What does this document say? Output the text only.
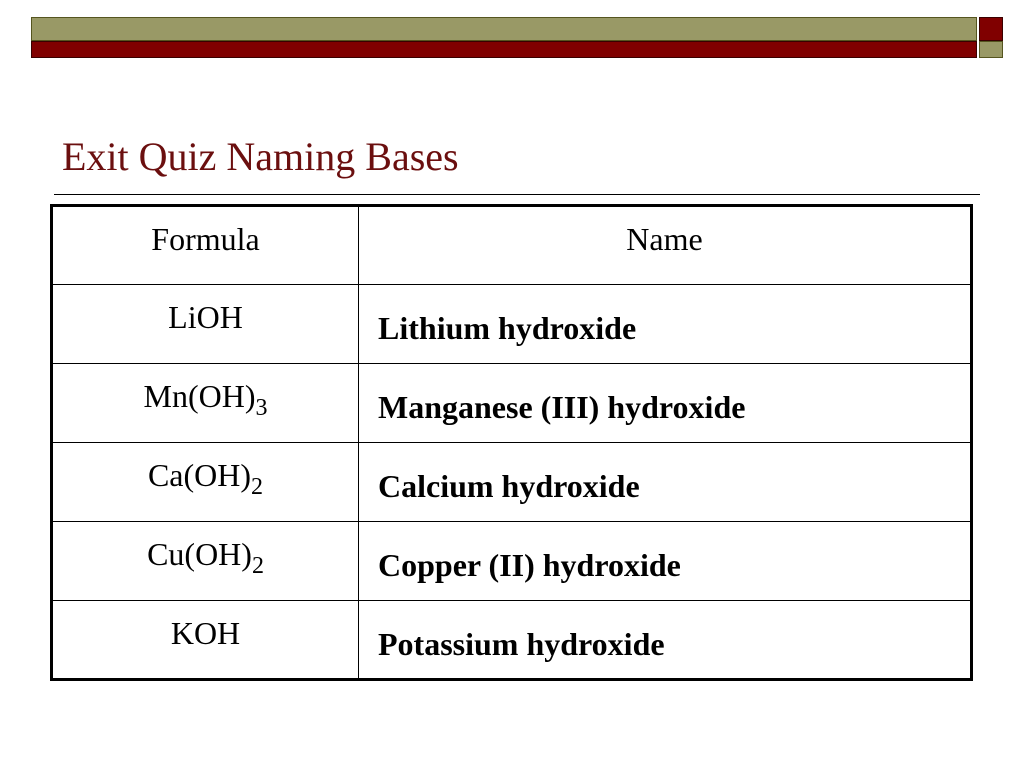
Exit Quiz Naming Bases
Formula	Name
LiOH	Lithium hydroxide
$Mn(OH)_3$	Manganese (III) hydroxide
$Ca(OH)_2$	Calcium hydroxide
$Cu(OH)_2$	Copper (II) hydroxide
KOH	Potassium hydroxide
